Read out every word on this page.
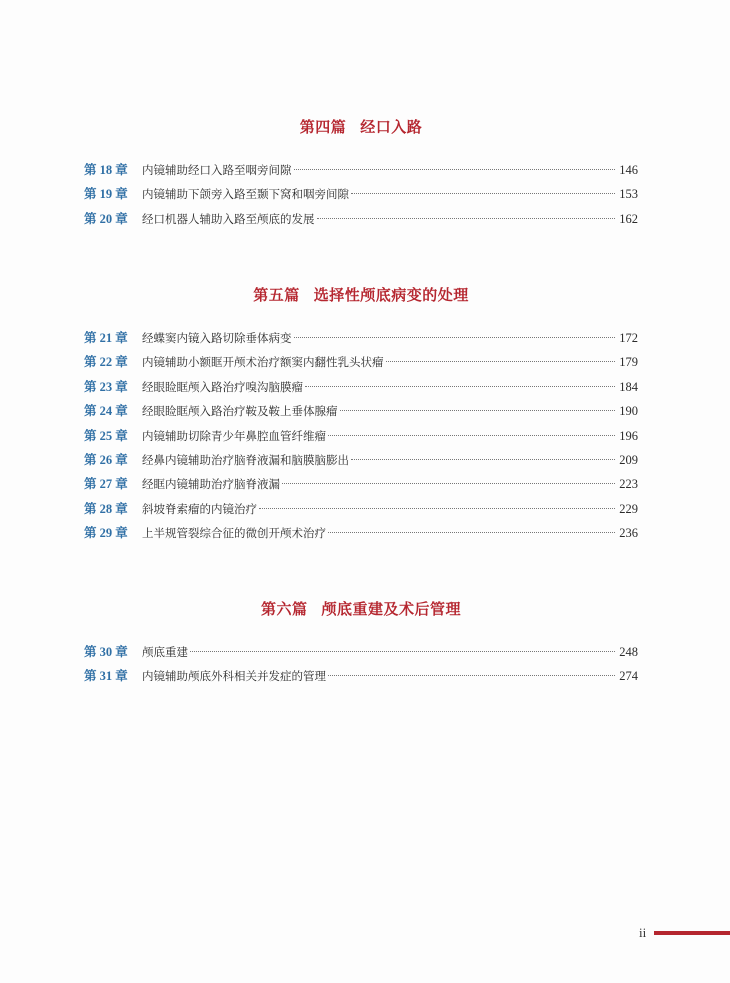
第四篇 经口入路
第 18 章	内镜辅助经口入路至咽旁间隙	146
第 19 章	内镜辅助下颌旁入路至颞下窝和咽旁间隙	153
第 20 章	经口机器人辅助入路至颅底的发展	162
第五篇 选择性颅底病变的处理
第 21 章	经蝶窦内镜入路切除垂体病变	172
第 22 章	内镜辅助小额眶开颅术治疗额窦内翻性乳头状瘤	179
第 23 章	经眼睑眶颅入路治疗嗅沟脑膜瘤	184
第 24 章	经眼睑眶颅入路治疗鞍及鞍上垂体腺瘤	190
第 25 章	内镜辅助切除青少年鼻腔血管纤维瘤	196
第 26 章	经鼻内镜辅助治疗脑脊液漏和脑膜脑膨出	209
第 27 章	经眶内镜辅助治疗脑脊液漏	223
第 28 章	斜坡脊索瘤的内镜治疗	229
第 29 章	上半规管裂综合征的微创开颅术治疗	236
第六篇 颅底重建及术后管理
第 30 章	颅底重建	248
第 31 章	内镜辅助颅底外科相关并发症的管理	274
ii
